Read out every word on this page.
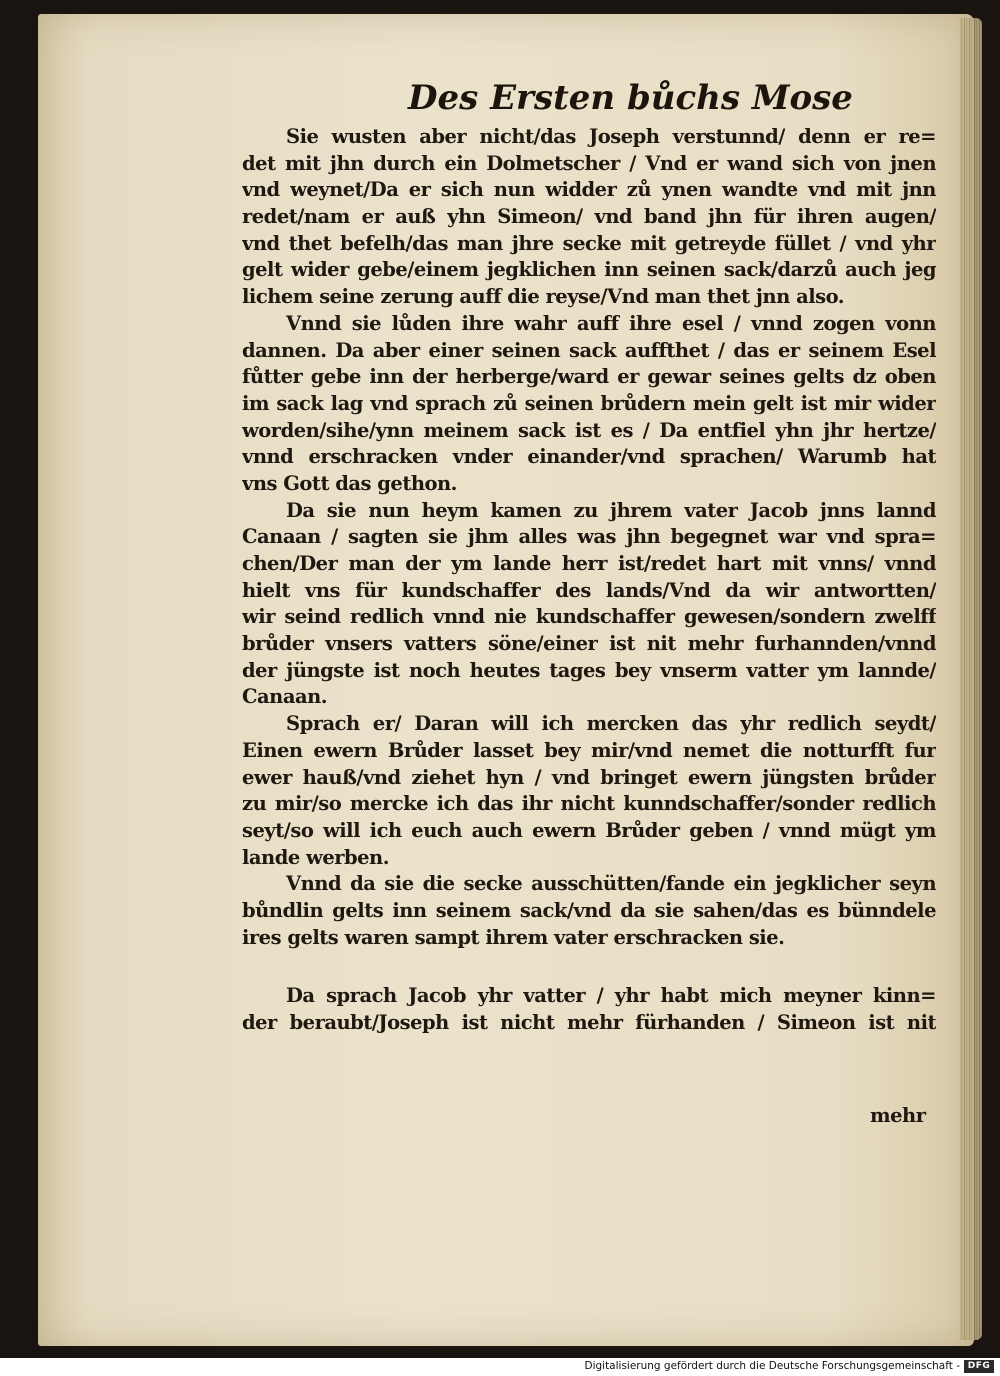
Des Ersten bůchs Mose
Sie wusten aber nicht/das Joseph verstunnd/ denn er re=
det mit jhn durch ein Dolmetscher / Vnd er wand sich von jnen
vnd weynet/Da er sich nun widder zů ynen wandte vnd mit jnn
redet/nam er auß yhn Simeon/ vnd band jhn für ihren augen/
vnd thet befelh/das man jhre secke mit getreyde füllet / vnd yhr
gelt wider gebe/einem jegklichen inn seinen sack/darzů auch jeg
lichem seine zerung auff die reyse/Vnd man thet jnn also.
Vnnd sie lůden ihre wahr auff ihre esel / vnnd zogen vonn
dannen. Da aber einer seinen sack auffthet / das er seinem Esel
fůtter gebe inn der herberge/ward er gewar seines gelts dz oben
im sack lag vnd sprach zů seinen brůdern mein gelt ist mir wider
worden/sihe/ynn meinem sack ist es / Da entfiel yhn jhr hertze/
vnnd erschracken vnder einander/vnd sprachen/ Warumb hat
vns Gott das gethon.
Da sie nun heym kamen zu jhrem vater Jacob jnns lannd
Canaan / sagten sie jhm alles was jhn begegnet war vnd spra=
chen/Der man der ym lande herr ist/redet hart mit vnns/ vnnd
hielt vns für kundschaffer des lands/Vnd da wir antwortten/
wir seind redlich vnnd nie kundschaffer gewesen/sondern zwelff
brůder vnsers vatters söne/einer ist nit mehr furhannden/vnnd
der jüngste ist noch heutes tages bey vnserm vatter ym lannde/
Canaan.
Sprach er/ Daran will ich mercken das yhr redlich seydt/
Einen ewern Brůder lasset bey mir/vnd nemet die notturfft fur
ewer hauß/vnd ziehet hyn / vnd bringet ewern jüngsten brůder
zu mir/so mercke ich das ihr nicht kunndschaffer/sonder redlich
seyt/so will ich euch auch ewern Brůder geben / vnnd mügt ym
lande werben.
Vnnd da sie die secke ausschütten/fande ein jegklicher seyn
bůndlin gelts inn seinem sack/vnd da sie sahen/das es bünndele
ires gelts waren sampt ihrem vater erschracken sie.
Da sprach Jacob yhr vatter / yhr habt mich meyner kinn=
der beraubt/Joseph ist nicht mehr fürhanden / Simeon ist nit
mehr
Digitalisierung gefördert durch die Deutsche Forschungsgemeinschaft - DFG
